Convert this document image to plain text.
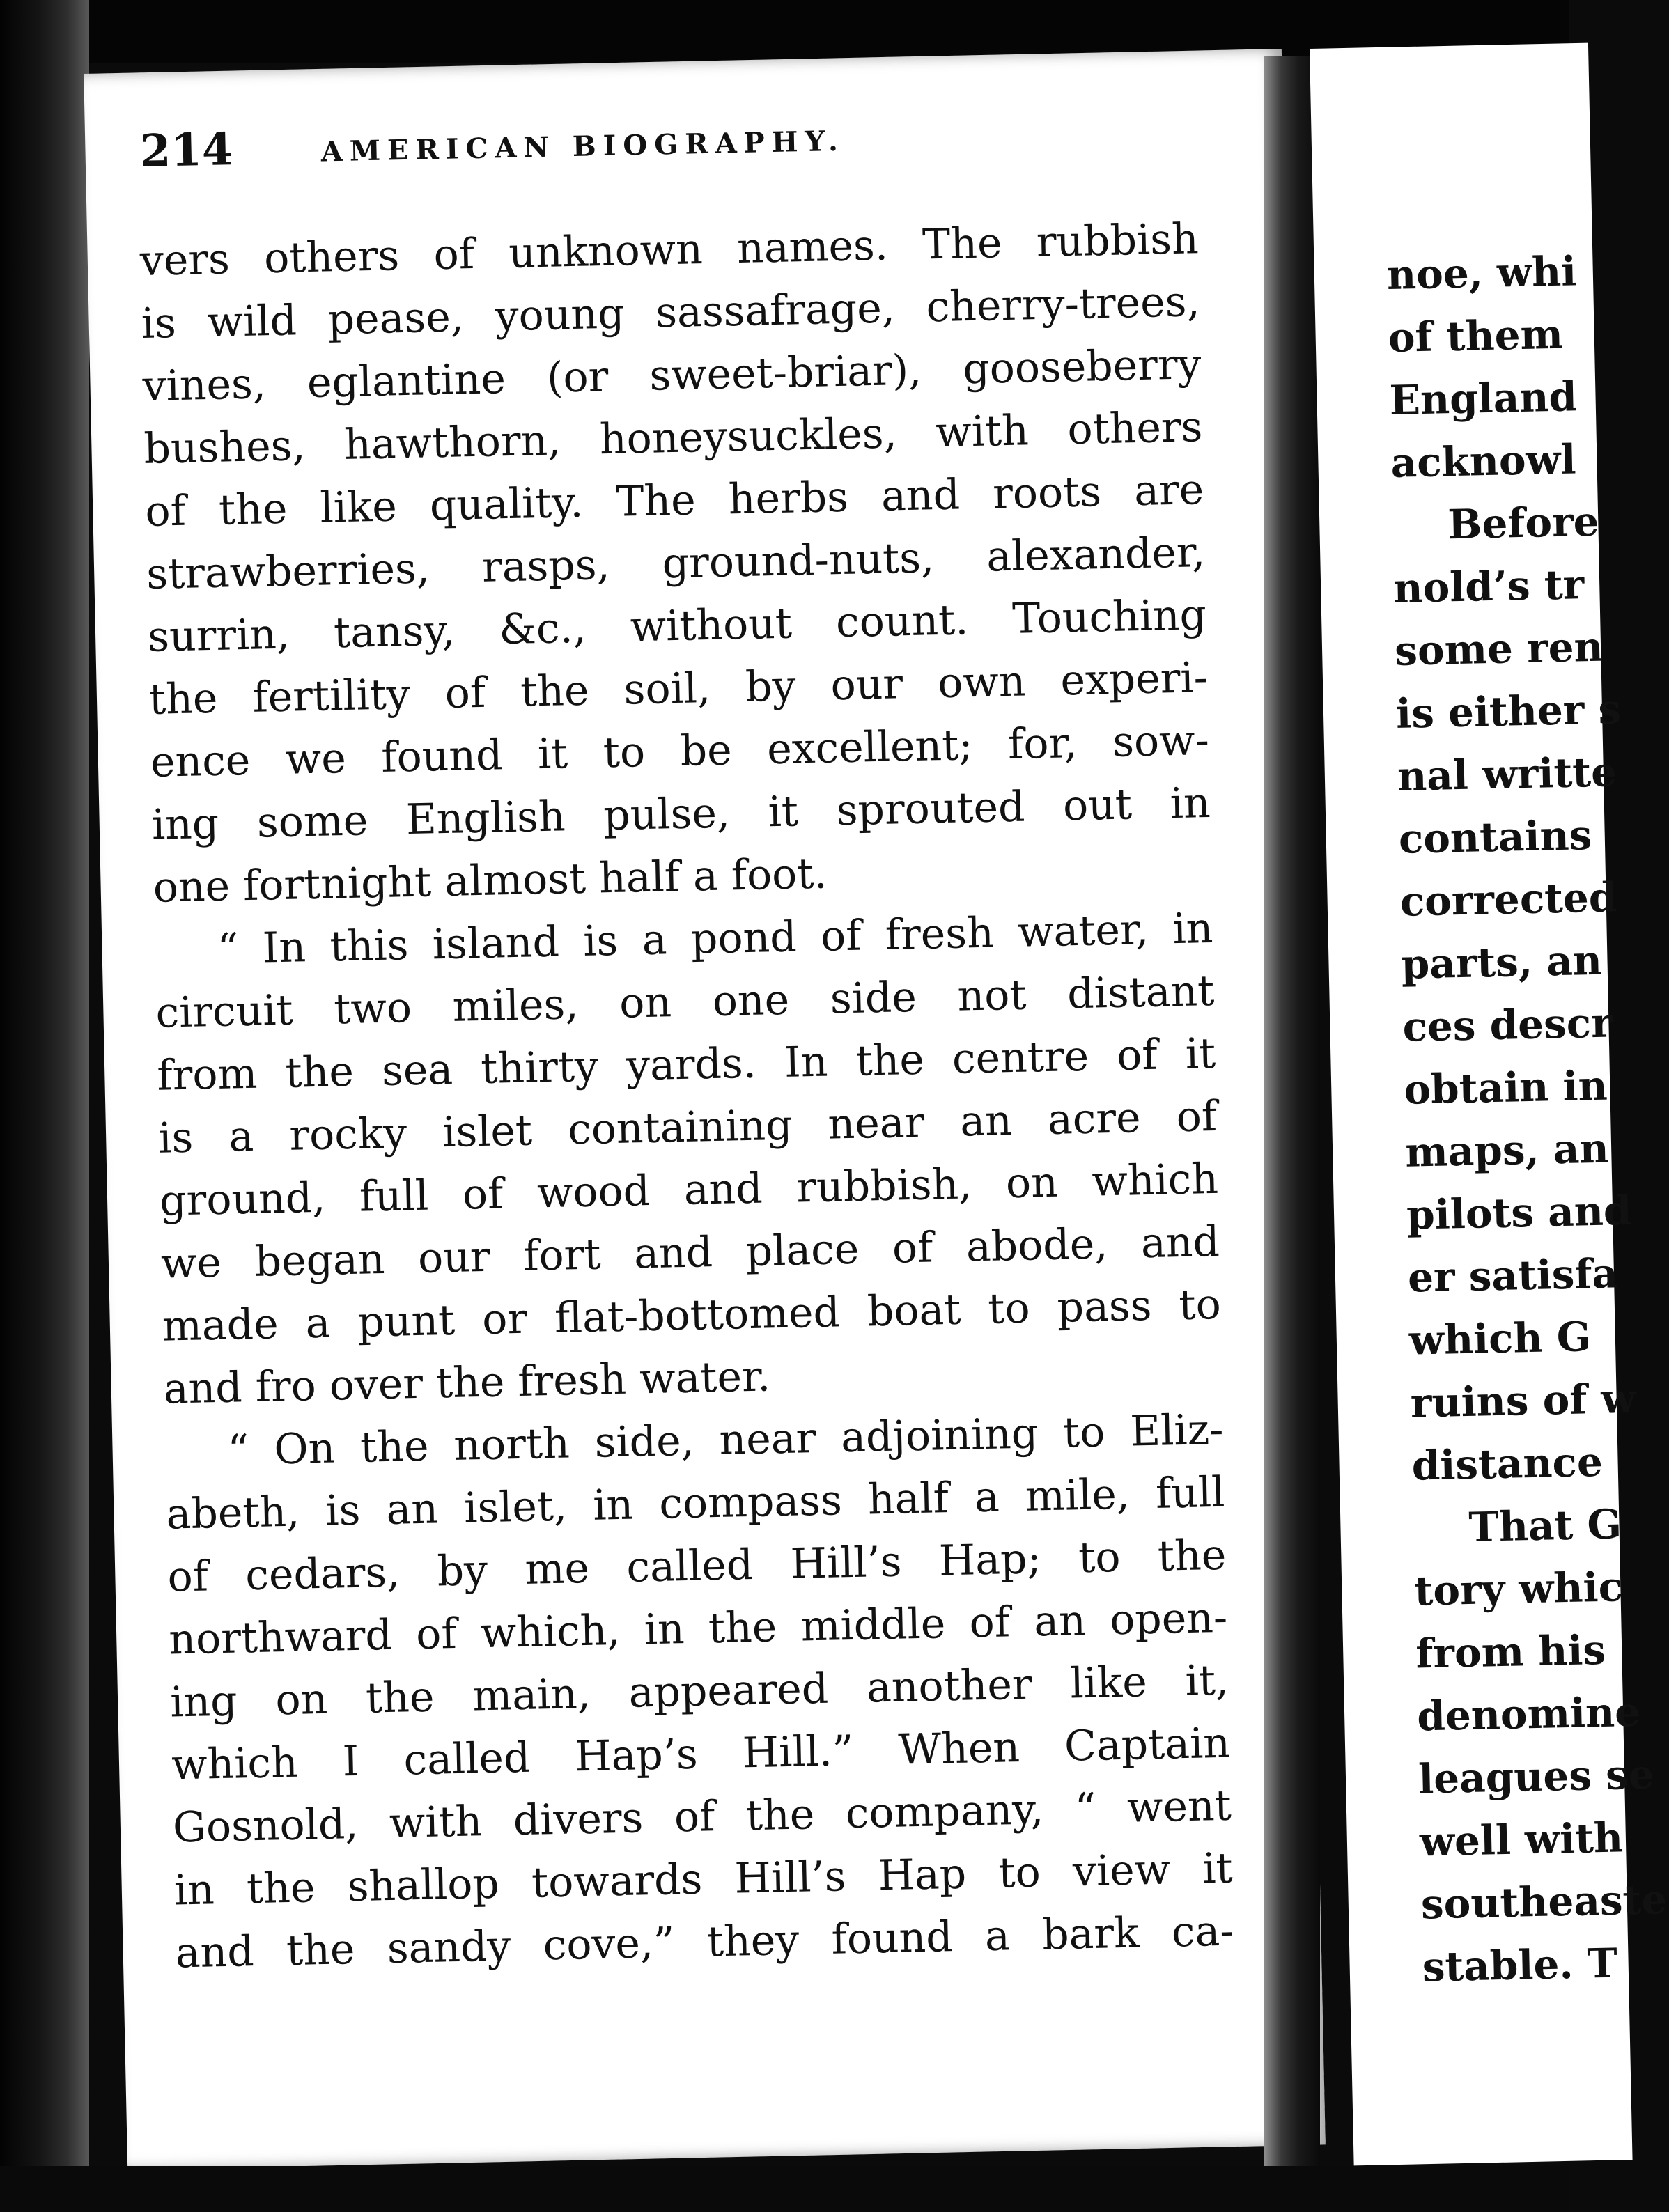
214	AMERICAN BIOGRAPHY.
vers others of unknown names. The rubbish
is wild pease, young sassafrage, cherry-trees,
vines, eglantine (or sweet-briar), gooseberry
bushes, hawthorn, honeysuckles, with others
of the like quality. The herbs and roots are
strawberries, rasps, ground-nuts, alexander,
surrin, tansy, &c., without count. Touching
the fertility of the soil, by our own experi-
ence we found it to be excellent; for, sow-
ing some English pulse, it sprouted out in
one fortnight almost half a foot.
“ In this island is a pond of fresh water, in
circuit two miles, on one side not distant
from the sea thirty yards. In the centre of it
is a rocky islet containing near an acre of
ground, full of wood and rubbish, on which
we began our fort and place of abode, and
made a punt or flat-bottomed boat to pass to
and fro over the fresh water.
“ On the north side, near adjoining to Eliz-
abeth, is an islet, in compass half a mile, full
of cedars, by me called Hill’s Hap; to the
northward of which, in the middle of an open-
ing on the main, appeared another like it,
which I called Hap’s Hill.” When Captain
Gosnold, with divers of the company, “ went
in the shallop towards Hill’s Hap to view it
and the sandy cove,” they found a bark ca-
noe, whi
of them
England
acknowl
Before
nold’s tr
some ren
is either s
nal writte
contains
corrected
parts, an
ces descr
obtain in
maps, an
pilots and
er satisfa
which G
ruins of w
distance
That G
tory whic
from his
denomine
leagues se
well with
southeaste
stable. T
